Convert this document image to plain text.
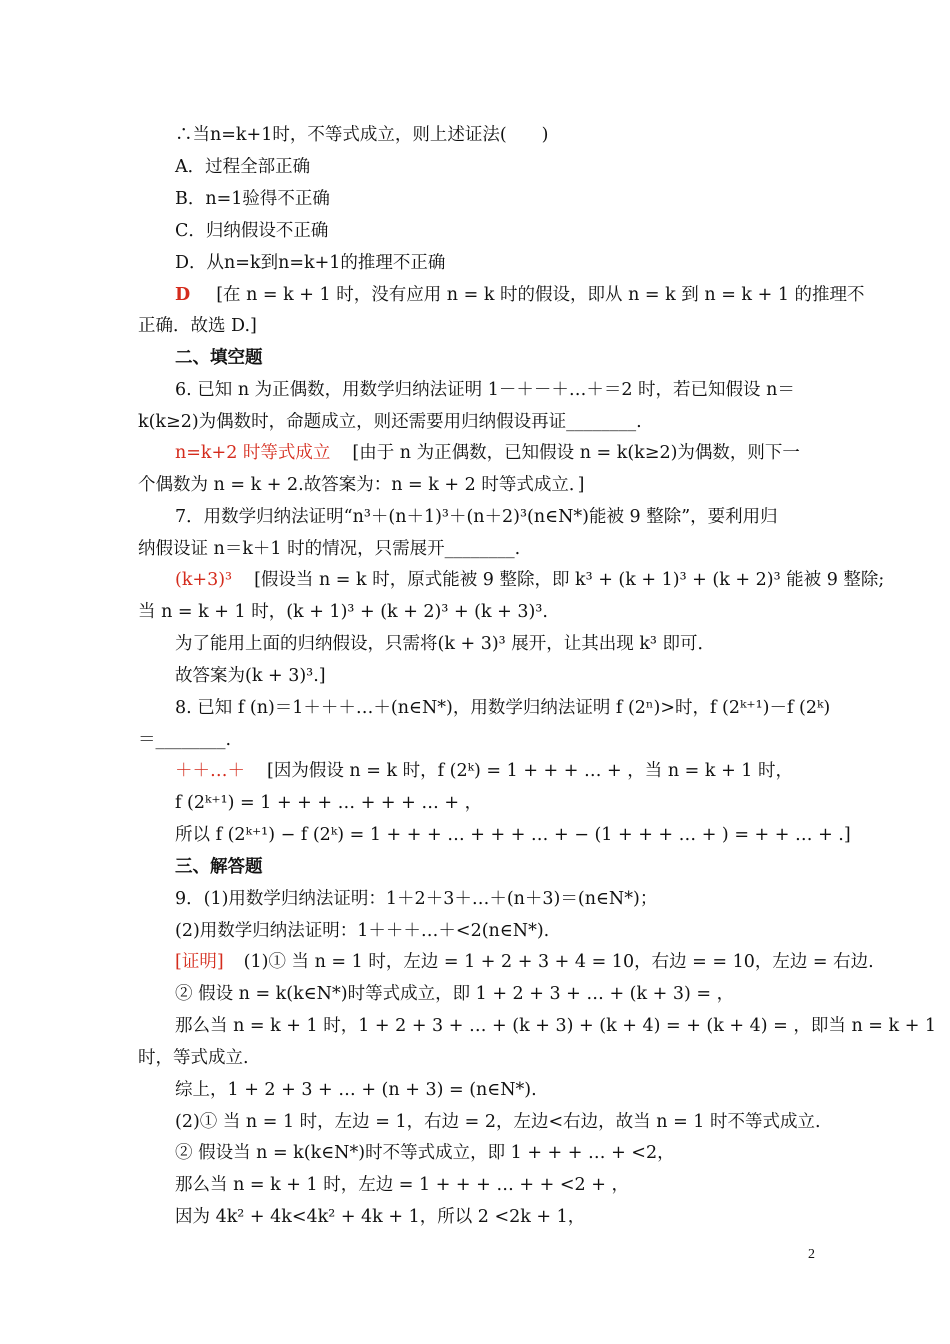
∴当n=k+1时，不等式成立，则上述证法(　　)
A．过程全部正确
B．n=1验得不正确
C．归纳假设不正确
D．从n=k到n=k+1的推理不正确
D [在 n = k + 1 时，没有应用 n = k 时的假设，即从 n = k 到 n = k + 1 的推理不
正确．故选 D.]
二、填空题
6. 已知 n 为正偶数，用数学归纳法证明 1－＋－＋…＋＝2 时，若已知假设 n＝
k(k≥2)为偶数时，命题成立，则还需要用归纳假设再证________.
n=k+2 时等式成立 [由于 n 为正偶数，已知假设 n = k(k≥2)为偶数，则下一
个偶数为 n = k + 2.故答案为：n = k + 2 时等式成立．]
7．用数学归纳法证明“n³＋(n＋1)³＋(n＋2)³(n∈N*)能被 9 整除”，要利用归
纳假设证 n＝k＋1 时的情况，只需展开________.
(k+3)³ [假设当 n = k 时，原式能被 9 整除，即 k³ + (k + 1)³ + (k + 2)³ 能被 9 整除;
当 n = k + 1 时，(k + 1)³ + (k + 2)³ + (k + 3)³.
为了能用上面的归纳假设，只需将(k + 3)³ 展开，让其出现 k³ 即可．
故答案为(k + 3)³.]
8. 已知 f (n)＝1＋＋＋…＋(n∈N*)，用数学归纳法证明 f (2ⁿ)>时，f (2ᵏ⁺¹)－f (2ᵏ)
＝________.
＋＋…＋ [因为假设 n = k 时，f (2ᵏ) = 1 + + + … + ，当 n = k + 1 时，
f (2ᵏ⁺¹) = 1 + + + … + + + … + ，
所以 f (2ᵏ⁺¹) − f (2ᵏ) = 1 + + + … + + + … + − (1 + + + … + ) = + + … + .]
三、解答题
9．(1)用数学归纳法证明：1＋2＋3＋…＋(n＋3)＝(n∈N*)；
(2)用数学归纳法证明：1＋＋＋…＋<2(n∈N*).
[证明] (1)① 当 n = 1 时，左边 = 1 + 2 + 3 + 4 = 10，右边 = = 10，左边 = 右边.
② 假设 n = k(k∈N*)时等式成立，即 1 + 2 + 3 + … + (k + 3) = ，
那么当 n = k + 1 时，1 + 2 + 3 + … + (k + 3) + (k + 4) = + (k + 4) = ，即当 n = k + 1
时，等式成立.
综上，1 + 2 + 3 + … + (n + 3) = (n∈N*).
(2)① 当 n = 1 时，左边 = 1，右边 = 2，左边<右边，故当 n = 1 时不等式成立.
② 假设当 n = k(k∈N*)时不等式成立，即 1 + + + … + <2，
那么当 n = k + 1 时，左边 = 1 + + + … + + <2 + ，
因为 4k² + 4k<4k² + 4k + 1，所以 2 <2k + 1，
2
